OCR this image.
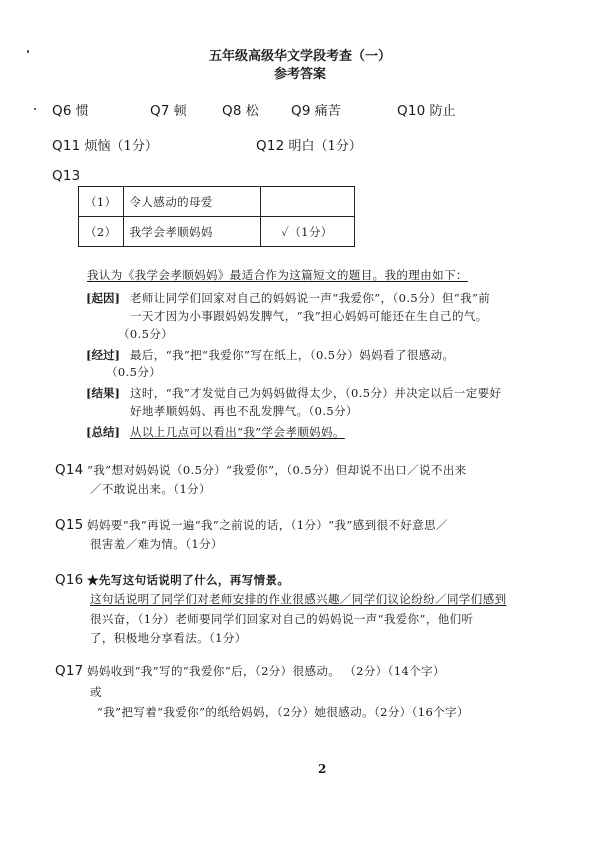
五年级高级华文学段考查（一）
参考答案
Q6 惯	Q7 顿	Q8 松 Q9 痛苦	Q10 防止
Q11 烦恼（1分）	Q12 明白（1分）
Q13
（1）	令人感动的母爱	
（2）	我学会孝顺妈妈	✓（1分）
我认为《我学会孝顺妈妈》最适合作为这篇短文的题目。我的理由如下：
[起因] 老师让同学们回家对自己的妈妈说一声“我爱你”，（0.5分）但“我”前
一天才因为小事跟妈妈发脾气，“我”担心妈妈可能还在生自己的气。
（0.5分）
[经过] 最后，“我”把“我爱你”写在纸上，（0.5分）妈妈看了很感动。
（0.5分）
[结果] 这时，“我”才发觉自己为妈妈做得太少，（0.5分）并决定以后一定要好
好地孝顺妈妈、再也不乱发脾气。（0.5分）
[总结] 从以上几点可以看出“我”学会孝顺妈妈。
Q14 “我”想对妈妈说（0.5分）“我爱你”，（0.5分）但却说不出口／说不出来
／不敢说出来。（1分）
Q15 妈妈要“我”再说一遍“我”之前说的话，（1分）“我”感到很不好意思／
很害羞／难为情。（1分）
Q16 ★先写这句话说明了什么，再写情景。
这句话说明了同学们对老师安排的作业很感兴趣／同学们议论纷纷／同学们感到
很兴奋，（1分）老师要同学们回家对自己的妈妈说一声“我爱你”，他们听
了，积极地分享看法。（1分）
Q17 妈妈收到“我”写的“我爱你”后，（2分）很感动。 （2分）（14个字）
或
“我”把写着“我爱你”的纸给妈妈，（2分）她很感动。（2分）（16个字）
2
